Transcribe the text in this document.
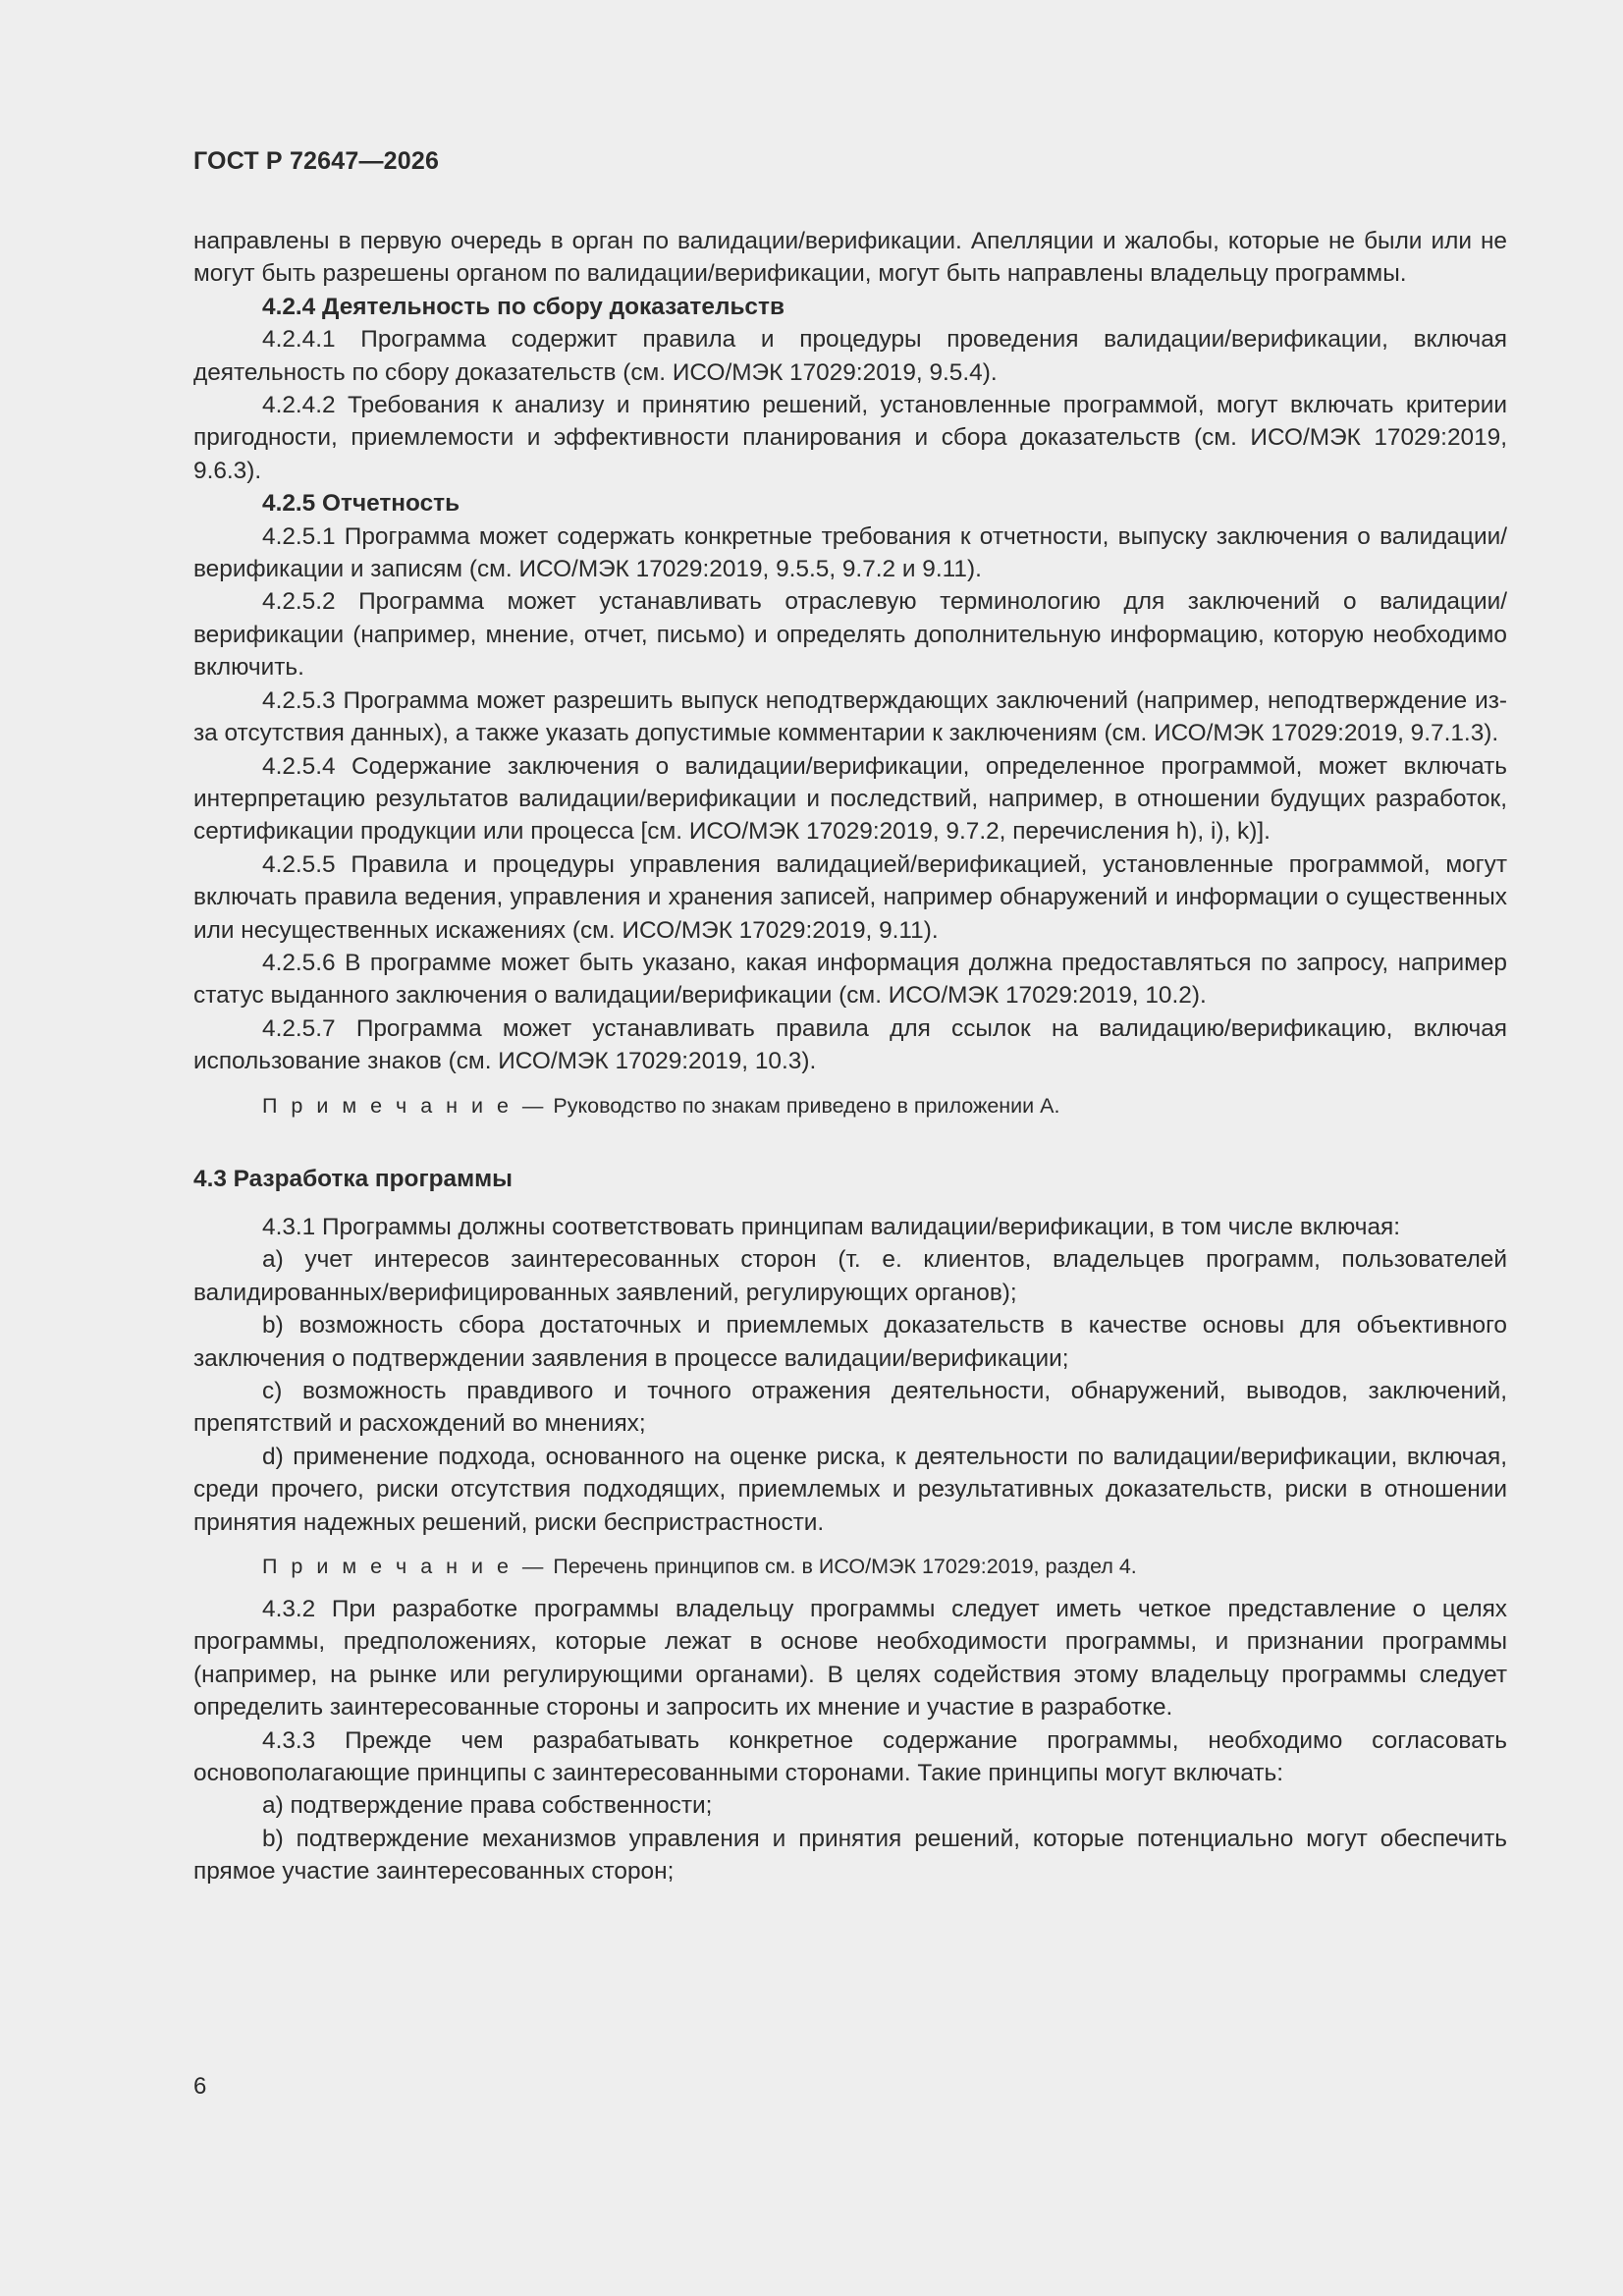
ГОСТ Р 72647—2026

направлены в первую очередь в орган по валидации/верификации. Апелляции и жалобы, которые не были или не могут быть разрешены органом по валидации/верификации, могут быть направлены владельцу программы.

4.2.4 Деятельность по сбору доказательств

4.2.4.1 Программа содержит правила и процедуры проведения валидации/верификации, включая деятельность по сбору доказательств (см. ИСО/МЭК 17029:2019, 9.5.4).

4.2.4.2 Требования к анализу и принятию решений, установленные программой, могут включать критерии пригодности, приемлемости и эффективности планирования и сбора доказательств (см. ИСО/МЭК 17029:2019, 9.6.3).

4.2.5 Отчетность

4.2.5.1 Программа может содержать конкретные требования к отчетности, выпуску заключения о валидации/верификации и записям (см. ИСО/МЭК 17029:2019, 9.5.5, 9.7.2 и 9.11).

4.2.5.2 Программа может устанавливать отраслевую терминологию для заключений о валидации/верификации (например, мнение, отчет, письмо) и определять дополнительную информацию, которую необходимо включить.

4.2.5.3 Программа может разрешить выпуск неподтверждающих заключений (например, неподтверждение из-за отсутствия данных), а также указать допустимые комментарии к заключениям (см. ИСО/МЭК 17029:2019, 9.7.1.3).

4.2.5.4 Содержание заключения о валидации/верификации, определенное программой, может включать интерпретацию результатов валидации/верификации и последствий, например, в отношении будущих разработок, сертификации продукции или процесса [см. ИСО/МЭК 17029:2019, 9.7.2, перечисления h), i), k)].

4.2.5.5 Правила и процедуры управления валидацией/верификацией, установленные программой, могут включать правила ведения, управления и хранения записей, например обнаружений и информации о существенных или несущественных искажениях (см. ИСО/МЭК 17029:2019, 9.11).

4.2.5.6 В программе может быть указано, какая информация должна предоставляться по запросу, например статус выданного заключения о валидации/верификации (см. ИСО/МЭК 17029:2019, 10.2).

4.2.5.7 Программа может устанавливать правила для ссылок на валидацию/верификацию, включая использование знаков (см. ИСО/МЭК 17029:2019, 10.3).

П р и м е ч а н и е — Руководство по знакам приведено в приложении А.

4.3 Разработка программы

4.3.1 Программы должны соответствовать принципам валидации/верификации, в том числе включая:

a) учет интересов заинтересованных сторон (т. е. клиентов, владельцев программ, пользователей валидированных/верифицированных заявлений, регулирующих органов);

b) возможность сбора достаточных и приемлемых доказательств в качестве основы для объективного заключения о подтверждении заявления в процессе валидации/верификации;

c) возможность правдивого и точного отражения деятельности, обнаружений, выводов, заключений, препятствий и расхождений во мнениях;

d) применение подхода, основанного на оценке риска, к деятельности по валидации/верификации, включая, среди прочего, риски отсутствия подходящих, приемлемых и результативных доказательств, риски в отношении принятия надежных решений, риски беспристрастности.

П р и м е ч а н и е — Перечень принципов см. в ИСО/МЭК 17029:2019, раздел 4.

4.3.2 При разработке программы владельцу программы следует иметь четкое представление о целях программы, предположениях, которые лежат в основе необходимости программы, и признании программы (например, на рынке или регулирующими органами). В целях содействия этому владельцу программы следует определить заинтересованные стороны и запросить их мнение и участие в разработке.

4.3.3 Прежде чем разрабатывать конкретное содержание программы, необходимо согласовать основополагающие принципы с заинтересованными сторонами. Такие принципы могут включать:

a) подтверждение права собственности;

b) подтверждение механизмов управления и принятия решений, которые потенциально могут обеспечить прямое участие заинтересованных сторон;

6
